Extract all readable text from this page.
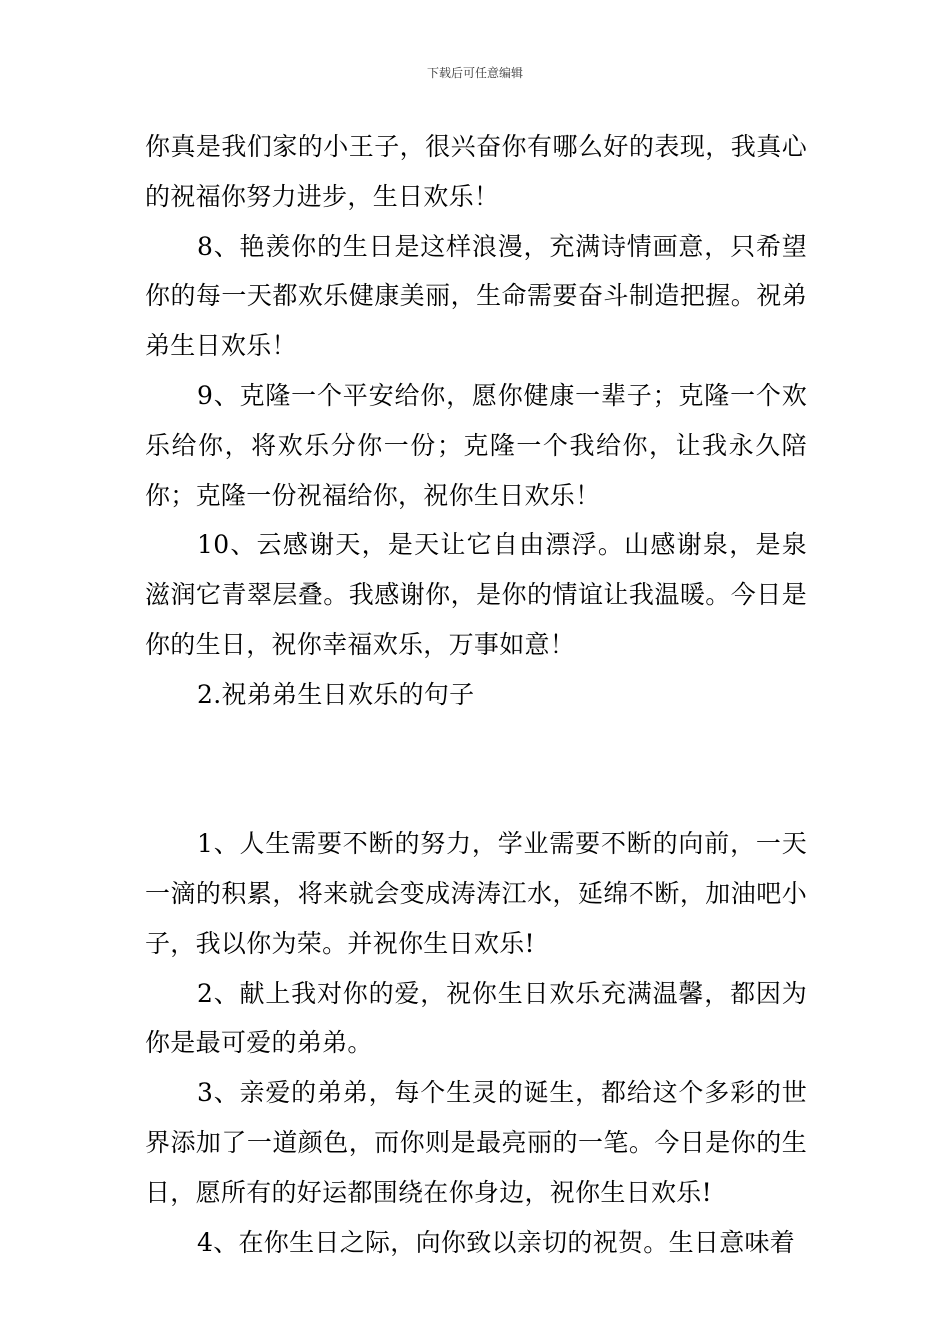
下载后可任意编辑

你真是我们家的小王子，很兴奋你有哪么好的表现，我真心的祝福你努力进步，生日欢乐！

8、艳羡你的生日是这样浪漫，充满诗情画意，只希望你的每一天都欢乐健康美丽，生命需要奋斗制造把握。祝弟弟生日欢乐！

9、克隆一个平安给你，愿你健康一辈子；克隆一个欢乐给你，将欢乐分你一份；克隆一个我给你，让我永久陪你；克隆一份祝福给你，祝你生日欢乐！

10、云感谢天，是天让它自由漂浮。山感谢泉，是泉滋润它青翠层叠。我感谢你，是你的情谊让我温暖。今日是你的生日，祝你幸福欢乐，万事如意！

2.祝弟弟生日欢乐的句子

1、人生需要不断的努力，学业需要不断的向前，一天一滴的积累，将来就会变成涛涛江水，延绵不断，加油吧小子，我以你为荣。并祝你生日欢乐!

2、献上我对你的爱，祝你生日欢乐充满温馨，都因为你是最可爱的弟弟。

3、亲爱的弟弟，每个生灵的诞生，都给这个多彩的世界添加了一道颜色，而你则是最亮丽的一笔。今日是你的生日，愿所有的好运都围绕在你身边，祝你生日欢乐!

4、在你生日之际，向你致以亲切的祝贺。生日意味着
